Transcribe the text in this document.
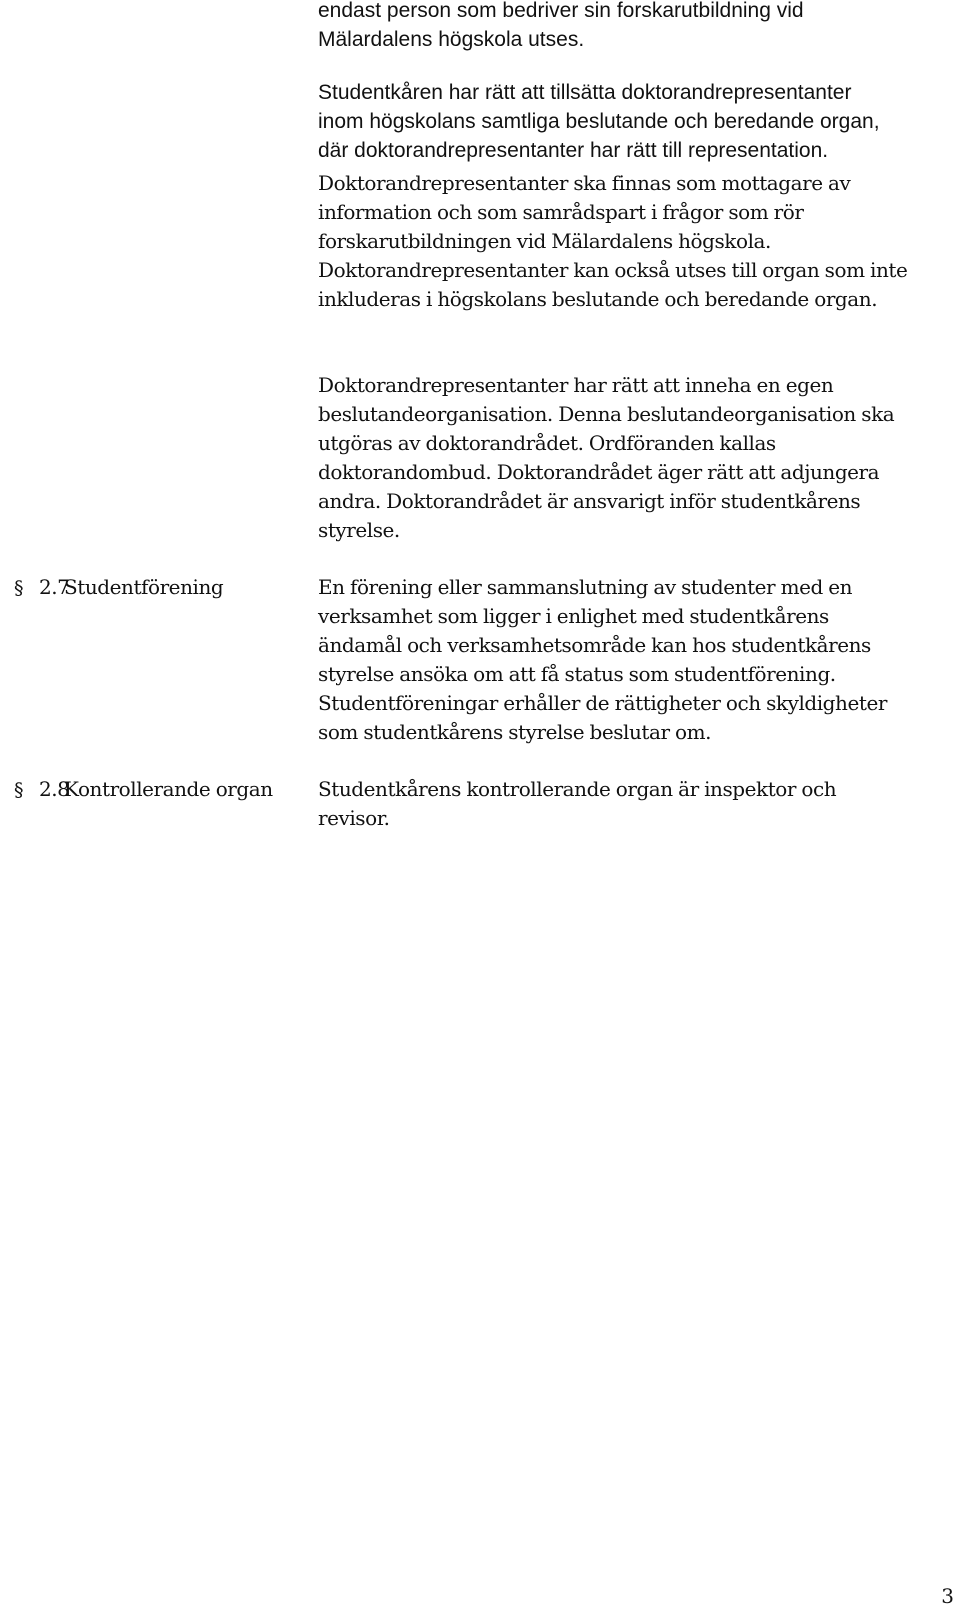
endast person som bedriver sin forskarutbildning vid
Mälardalens högskola utses.
Studentkåren har rätt att tillsätta doktorandrepresentanter
inom högskolans samtliga beslutande och beredande organ,
där doktorandrepresentanter har rätt till representation.
Doktorandrepresentanter ska finnas som mottagare av
information och som samrådspart i frågor som rör
forskarutbildningen vid Mälardalens högskola.
Doktorandrepresentanter kan också utses till organ som inte
inkluderas i högskolans beslutande och beredande organ.
Doktorandrepresentanter har rätt att inneha en egen
beslutandeorganisation. Denna beslutandeorganisation ska
utgöras av doktorandrådet. Ordföranden kallas
doktorandombud. Doktorandrådet äger rätt att adjungera
andra. Doktorandrådet är ansvarigt inför studentkårens
styrelse.
§ 2.7
Studentförening	En förening eller sammanslutning av studenter med en
verksamhet som ligger i enlighet med studentkårens
ändamål och verksamhetsområde kan hos studentkårens
styrelse ansöka om att få status som studentförening.
Studentföreningar erhåller de rättigheter och skyldigheter
som studentkårens styrelse beslutar om.
§ 2.8
Kontrollerande organ Studentkårens kontrollerande organ är inspektor och
revisor.
3
